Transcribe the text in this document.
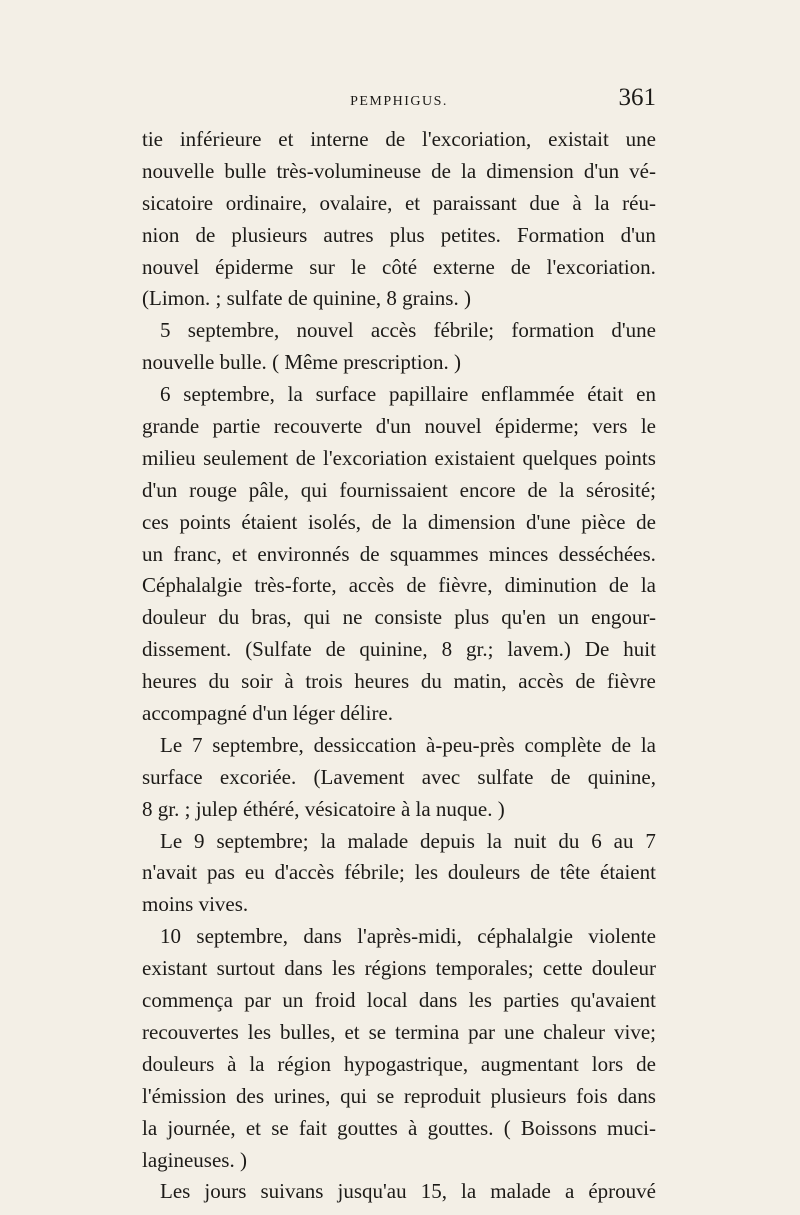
PEMPHIGUS.	361
tie inférieure et interne de l'excoriation, existait une
nouvelle bulle très-volumineuse de la dimension d'un vé-
sicatoire ordinaire, ovalaire, et paraissant due à la réu-
nion de plusieurs autres plus petites. Formation d'un
nouvel épiderme sur le côté externe de l'excoriation.
(Limon. ; sulfate de quinine, 8 grains. )
5 septembre, nouvel accès fébrile; formation d'une
nouvelle bulle. ( Même prescription. )
6 septembre, la surface papillaire enflammée était en
grande partie recouverte d'un nouvel épiderme; vers le
milieu seulement de l'excoriation existaient quelques points
d'un rouge pâle, qui fournissaient encore de la sérosité;
ces points étaient isolés, de la dimension d'une pièce de
un franc, et environnés de squammes minces desséchées.
Céphalalgie très-forte, accès de fièvre, diminution de la
douleur du bras, qui ne consiste plus qu'en un engour-
dissement. (Sulfate de quinine, 8 gr.; lavem.) De huit
heures du soir à trois heures du matin, accès de fièvre
accompagné d'un léger délire.
Le 7 septembre, dessiccation à-peu-près complète de la
surface excoriée. (Lavement avec sulfate de quinine,
8 gr. ; julep éthéré, vésicatoire à la nuque. )
Le 9 septembre; la malade depuis la nuit du 6 au 7
n'avait pas eu d'accès fébrile; les douleurs de tête étaient
moins vives.
10 septembre, dans l'après-midi, céphalalgie violente
existant surtout dans les régions temporales; cette douleur
commença par un froid local dans les parties qu'avaient
recouvertes les bulles, et se termina par une chaleur vive;
douleurs à la région hypogastrique, augmentant lors de
l'émission des urines, qui se reproduit plusieurs fois dans
la journée, et se fait gouttes à gouttes. ( Boissons muci-
lagineuses. )
Les jours suivans jusqu'au 15, la malade a éprouvé
